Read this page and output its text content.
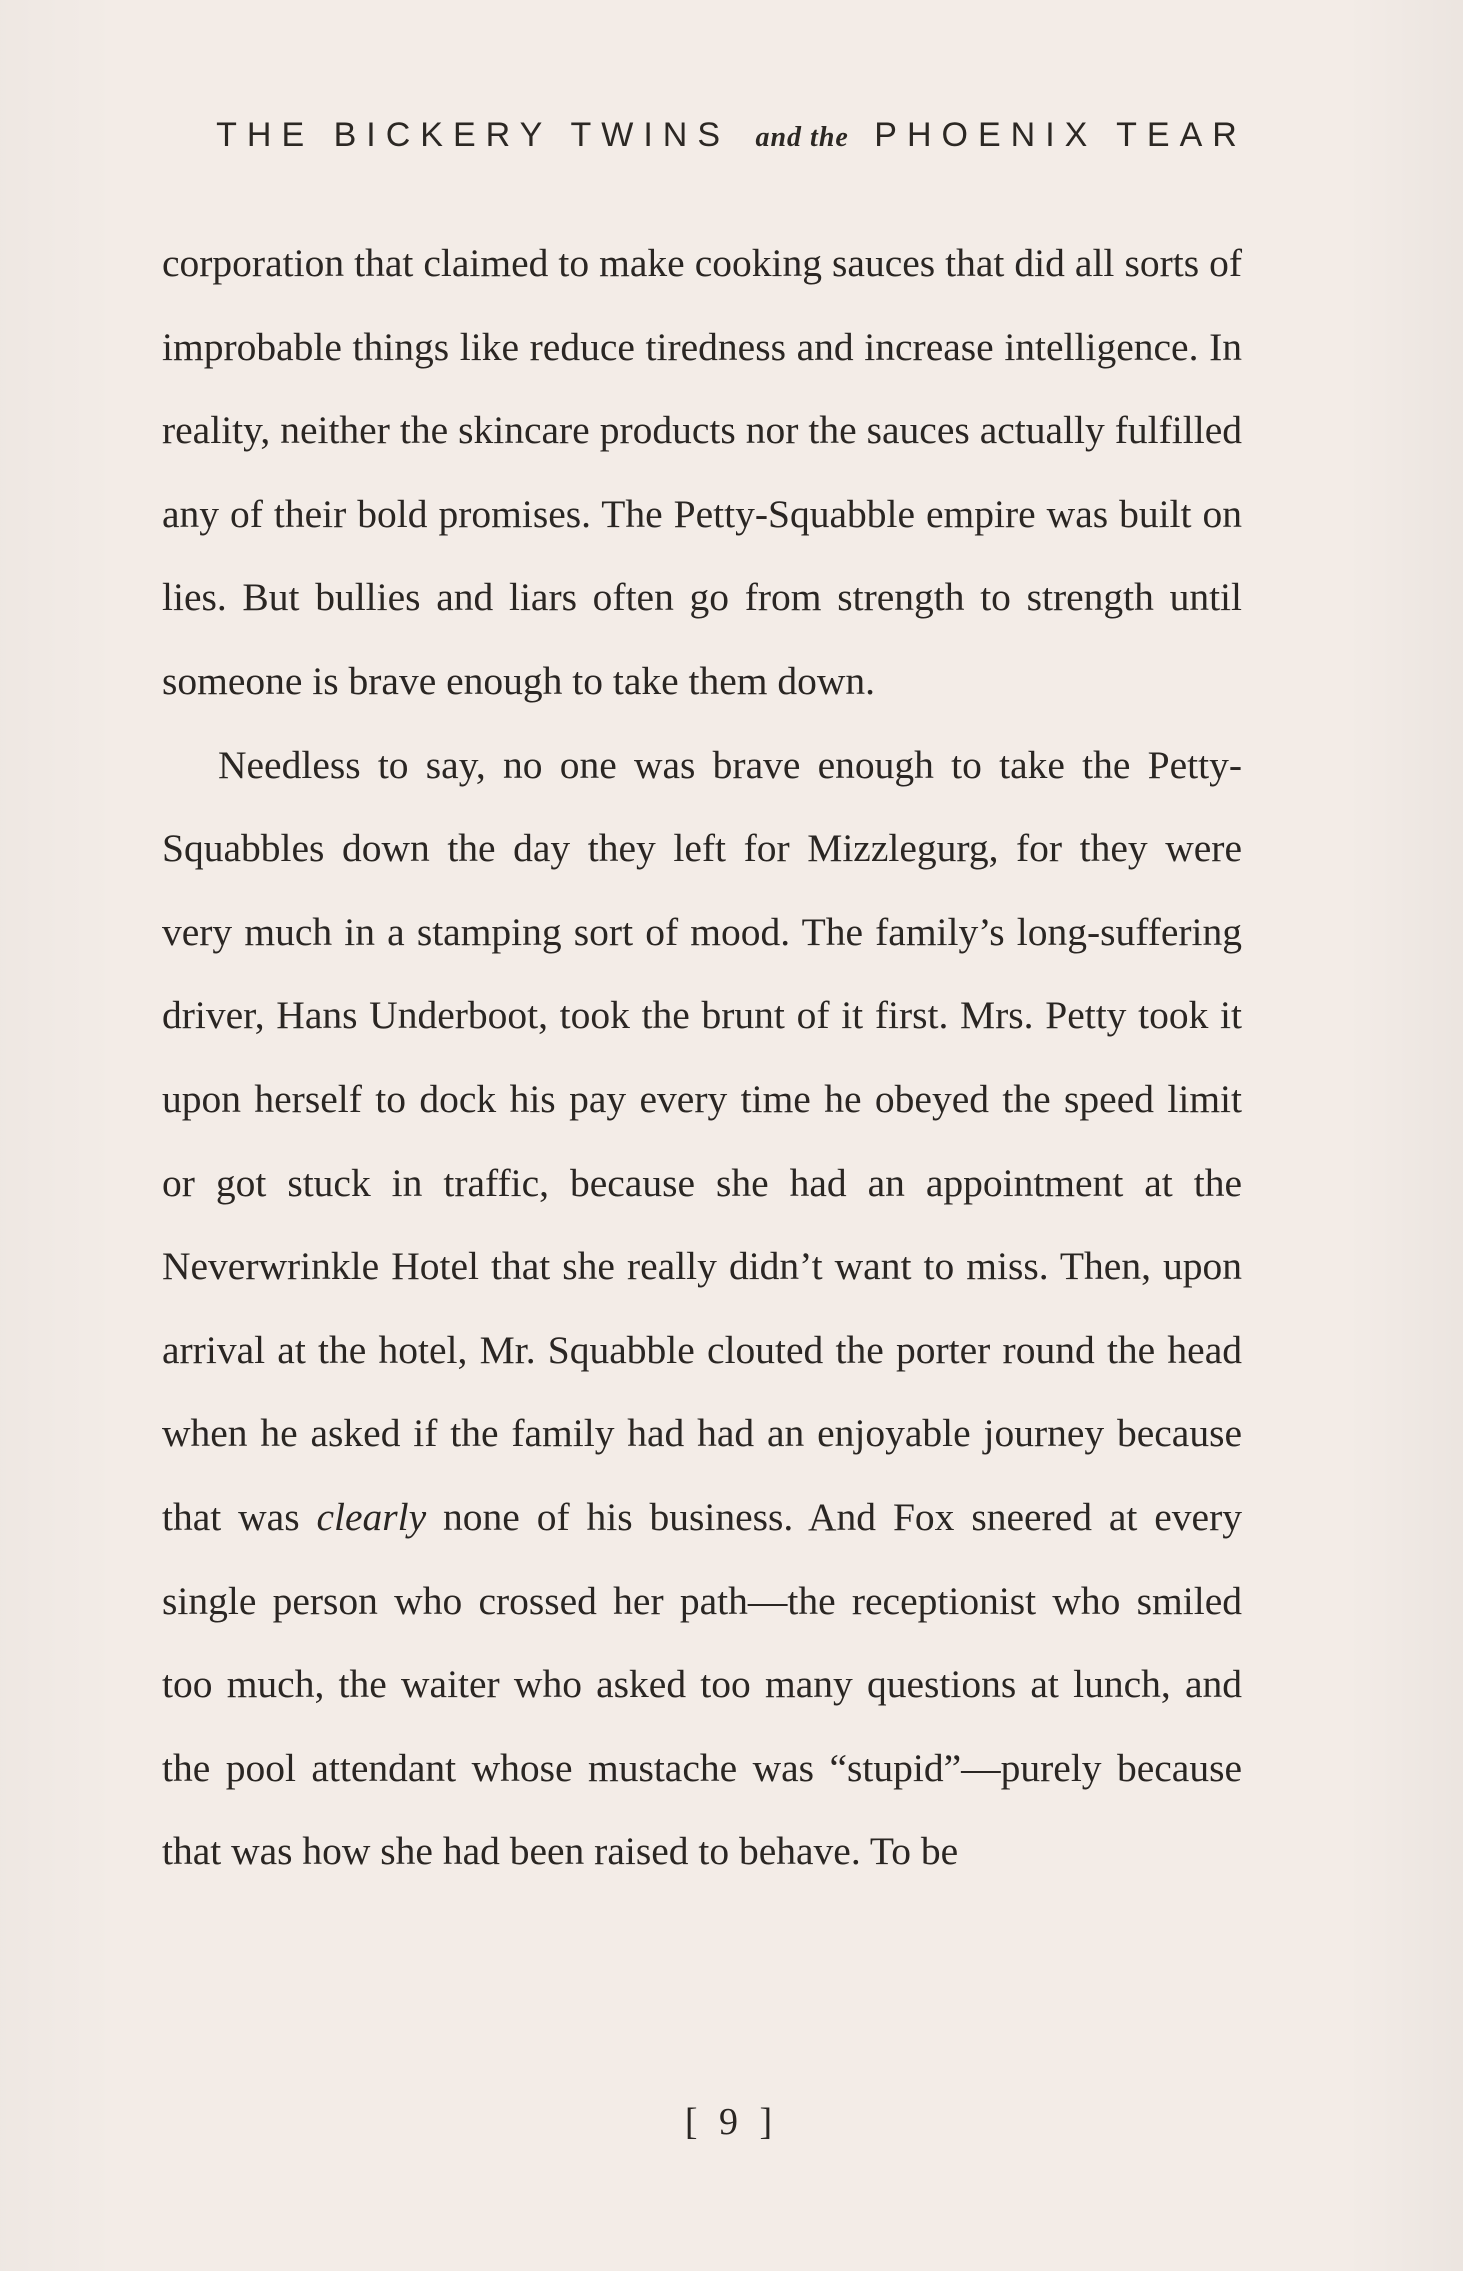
THE BICKERY TWINS and the PHOENIX TEAR

corporation that claimed to make cooking sauces that did all sorts of improbable things like reduce tiredness and increase intelligence. In reality, neither the skincare products nor the sauces actually fulfilled any of their bold promises. The Petty-Squabble empire was built on lies. But bullies and liars often go from strength to strength until someone is brave enough to take them down.

Needless to say, no one was brave enough to take the Petty-Squabbles down the day they left for Mizzlegurg, for they were very much in a stamping sort of mood. The family’s long-suffering driver, Hans Underboot, took the brunt of it first. Mrs. Petty took it upon herself to dock his pay every time he obeyed the speed limit or got stuck in traffic, because she had an appointment at the Neverwrinkle Hotel that she really didn’t want to miss. Then, upon arrival at the hotel, Mr. Squabble clouted the porter round the head when he asked if the family had had an enjoyable journey because that was clearly none of his business. And Fox sneered at every single person who crossed her path—the receptionist who smiled too much, the waiter who asked too many questions at lunch, and the pool attendant whose mustache was “stupid”—purely because that was how she had been raised to behave. To be

[ 9 ]
